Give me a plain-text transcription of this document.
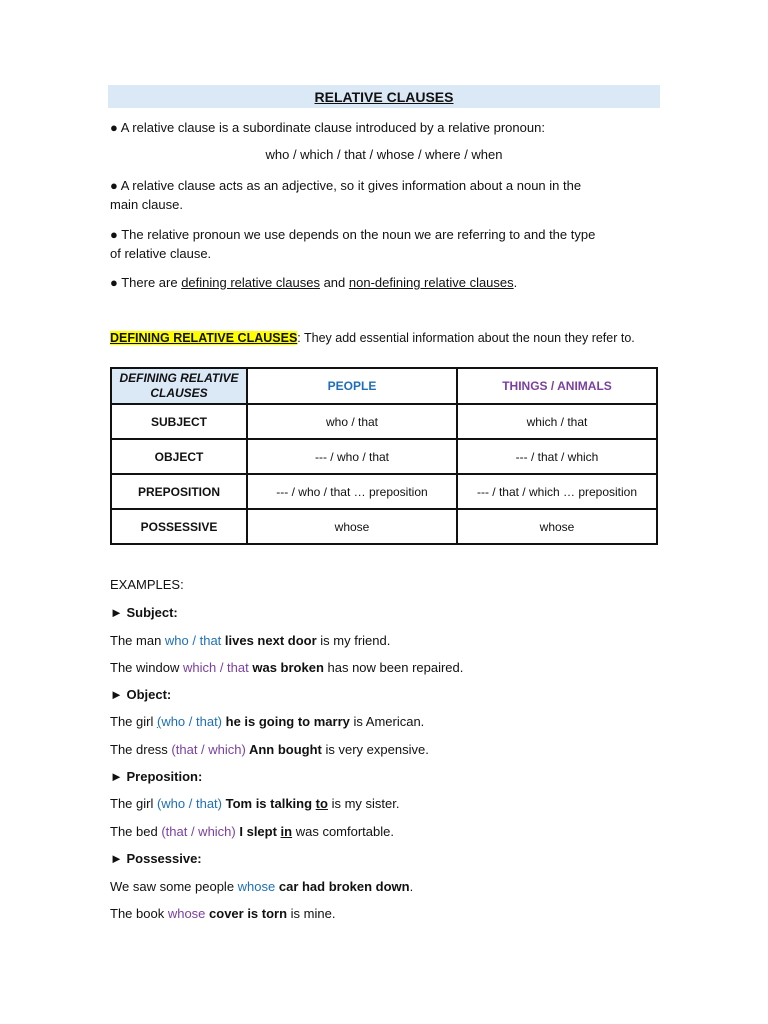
RELATIVE CLAUSES
● A relative clause is a subordinate clause introduced by a relative pronoun:
who / which / that / whose / where / when
● A relative clause acts as an adjective, so it gives information about a noun in the
main clause.
● The relative pronoun we use depends on the noun we are referring to and the type
of relative clause.
● There are defining relative clauses and non-defining relative clauses.
DEFINING RELATIVE CLAUSES: They add essential information about the noun they refer to.
DEFINING RELATIVE
CLAUSES	PEOPLE	THINGS / ANIMALS
SUBJECT	who / that	which / that
OBJECT	--- / who / that	--- / that / which
PREPOSITION	--- / who / that … preposition	--- / that / which … preposition
POSSESSIVE	whose	whose
EXAMPLES:
► Subject:
The man who / that lives next door is my friend.
The window which / that was broken has now been repaired.
► Object:
The girl (who / that) he is going to marry is American.
The dress (that / which) Ann bought is very expensive.
► Preposition:
The girl (who / that) Tom is talking to is my sister.
The bed (that / which) I slept in was comfortable.
► Possessive:
We saw some people whose car had broken down.
The book whose cover is torn is mine.
